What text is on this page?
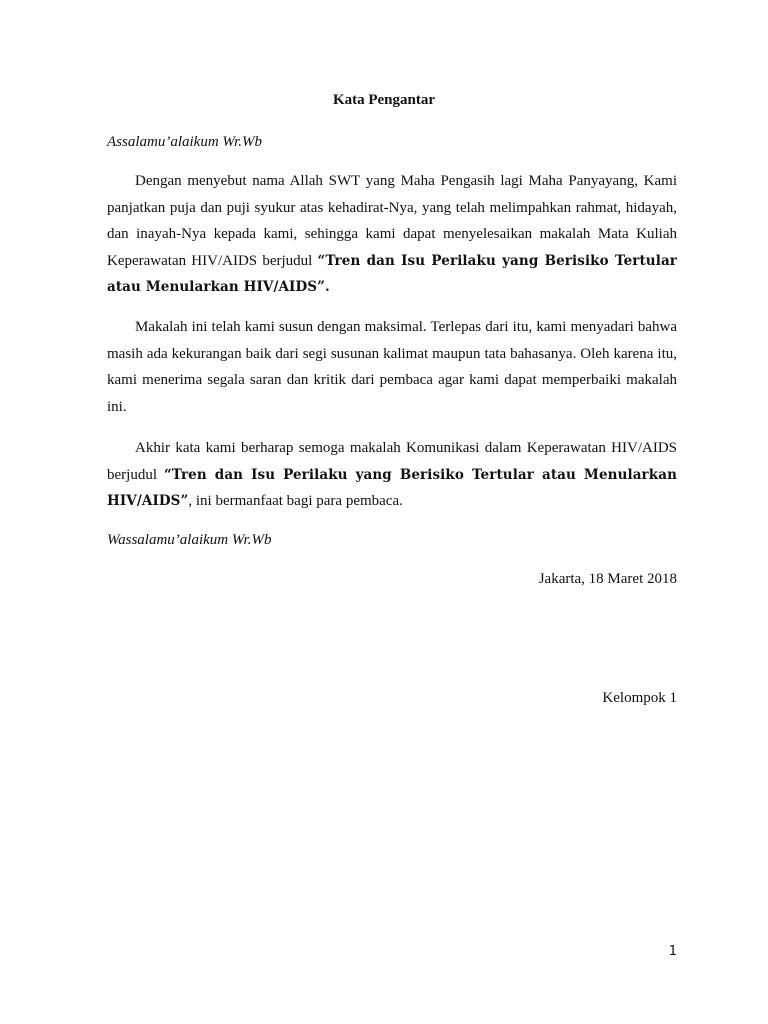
Kata Pengantar
Assalamu’alaikum Wr.Wb
Dengan menyebut nama Allah SWT yang Maha Pengasih lagi Maha Panyayang, Kami panjatkan puja dan puji syukur atas kehadirat-Nya, yang telah melimpahkan rahmat, hidayah, dan inayah-Nya kepada kami, sehingga kami dapat menyelesaikan makalah Mata Kuliah Keperawatan HIV/AIDS berjudul “Tren dan Isu Perilaku yang Berisiko Tertular atau Menularkan HIV/AIDS”.
Makalah ini telah kami susun dengan maksimal. Terlepas dari itu, kami menyadari bahwa masih ada kekurangan baik dari segi susunan kalimat maupun tata bahasanya. Oleh karena itu, kami menerima segala saran dan kritik dari pembaca agar kami dapat memperbaiki makalah ini.
Akhir kata kami berharap semoga makalah Komunikasi dalam Keperawatan HIV/AIDS berjudul “Tren dan Isu Perilaku yang Berisiko Tertular atau Menularkan HIV/AIDS”, ini bermanfaat bagi para pembaca.
Wassalamu’alaikum Wr.Wb
Jakarta, 18 Maret 2018
Kelompok 1
1
